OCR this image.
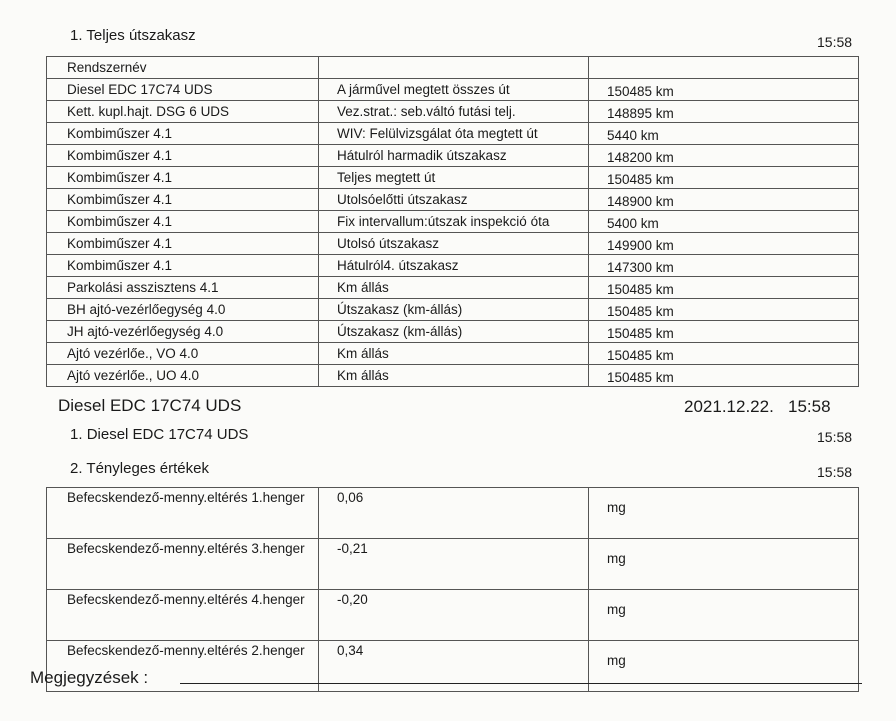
1. Teljes útszakasz	15:58
Rendszernév		
Diesel EDC 17C74 UDS	A járművel megtett összes út	150485 km
Kett. kupl.hajt. DSG 6 UDS	Vez.strat.: seb.váltó futási telj.	148895 km
Kombiműszer 4.1	WIV: Felülvizsgálat óta megtett út	5440 km
Kombiműszer 4.1	Hátulról harmadik útszakasz	148200 km
Kombiműszer 4.1	Teljes megtett út	150485 km
Kombiműszer 4.1	Utolsóelőtti útszakasz	148900 km
Kombiműszer 4.1	Fix intervallum:útszak inspekció óta	5400 km
Kombiműszer 4.1	Utolsó útszakasz	149900 km
Kombiműszer 4.1	Hátulról4. útszakasz	147300 km
Parkolási asszisztens 4.1	Km állás	150485 km
BH ajtó-vezérlőegység 4.0	Útszakasz (km-állás)	150485 km
JH ajtó-vezérlőegység 4.0	Útszakasz (km-állás)	150485 km
Ajtó vezérlőe., VO 4.0	Km állás	150485 km
Ajtó vezérlőe., UO 4.0	Km állás	150485 km
Diesel EDC 17C74 UDS	2021.12.22. 15:58
1. Diesel EDC 17C74 UDS	15:58
2. Tényleges értékek	15:58
Befecskendező-menny.eltérés 1.henger	0,06	mg
Befecskendező-menny.eltérés 3.henger	-0,21	mg
Befecskendező-menny.eltérés 4.henger	-0,20	mg
Befecskendező-menny.eltérés 2.henger	0,34	mg
Megjegyzések :
